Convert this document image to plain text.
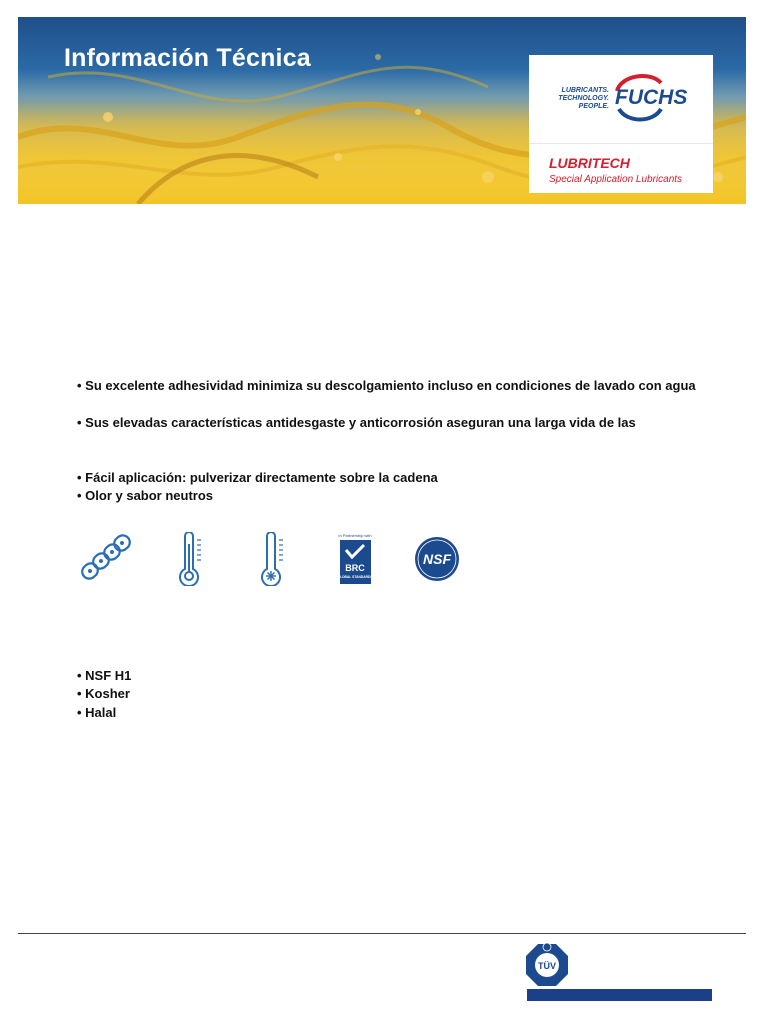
Información Técnica
LUBRICANTS.
TECHNOLOGY.
PEOPLE. FUCHS
LUBRITECH
Special Application Lubricants
• Su excelente adhesividad minimiza su descolgamiento incluso en condiciones de lavado con agua
• Sus elevadas características antidesgaste y anticorrosión aseguran una larga vida de las
• Fácil aplicación: pulverizar directamente sobre la cadena
• Olor y sabor neutros
In Partnership with
BRC
GLOBAL STANDARDS
NSF
• NSF H1
• Kosher
• Halal
TÜV
